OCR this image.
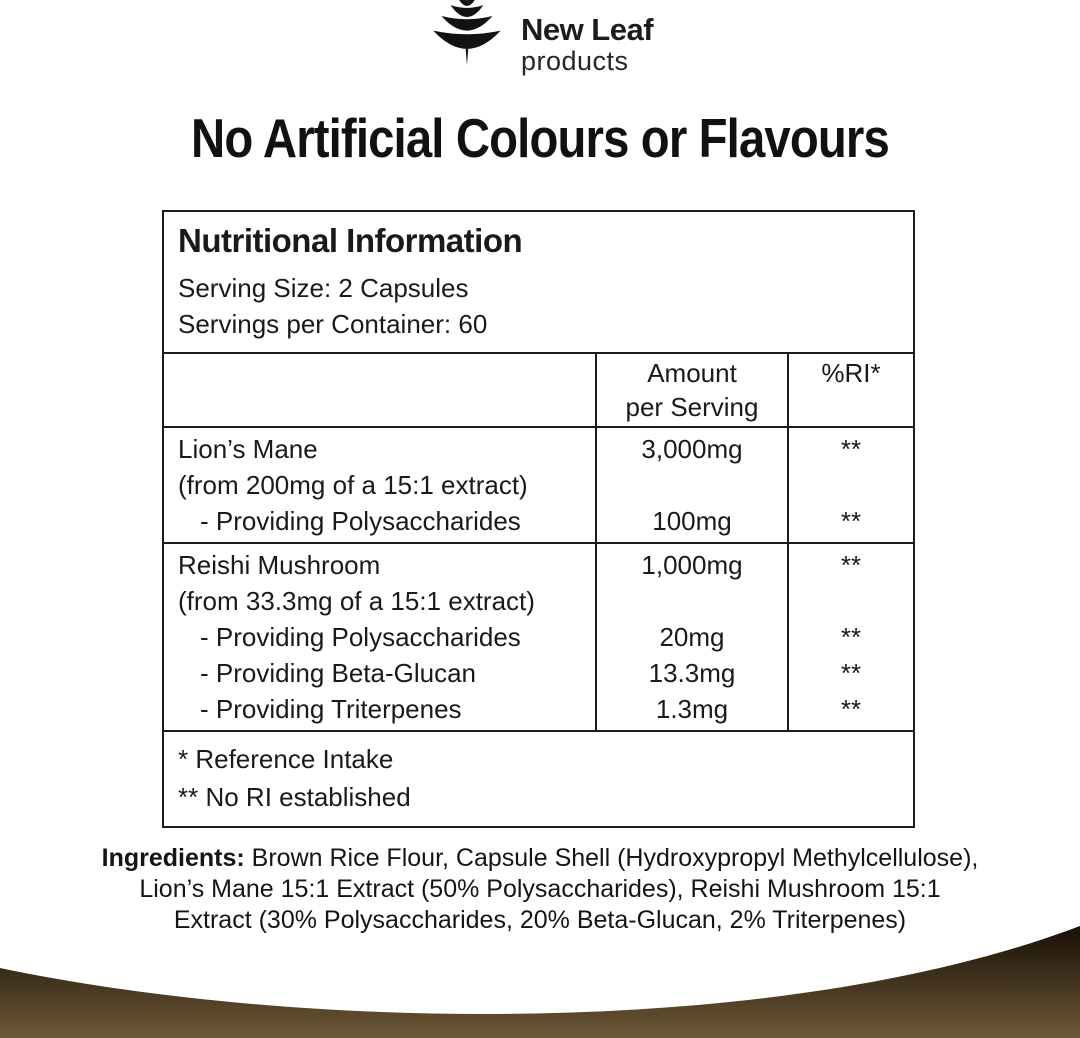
New Leaf
products
No Artificial Colours or Flavours
Nutritional Information
Serving Size: 2 Capsules
Servings per Container: 60
Amount
per Serving
%RI*
Lion’s Mane
(from 200mg of a 15:1 extract)
- Providing Polysaccharides
3,000mg
100mg
**
**
Reishi Mushroom
(from 33.3mg of a 15:1 extract)
- Providing Polysaccharides
- Providing Beta-Glucan
- Providing Triterpenes
1,000mg
20mg
13.3mg
1.3mg
**
**
**
**
* Reference Intake
** No RI established
Ingredients: Brown Rice Flour, Capsule Shell (Hydroxypropyl Methylcellulose), Lion’s Mane 15:1 Extract (50% Polysaccharides), Reishi Mushroom 15:1 Extract (30% Polysaccharides, 20% Beta-Glucan, 2% Triterpenes)
